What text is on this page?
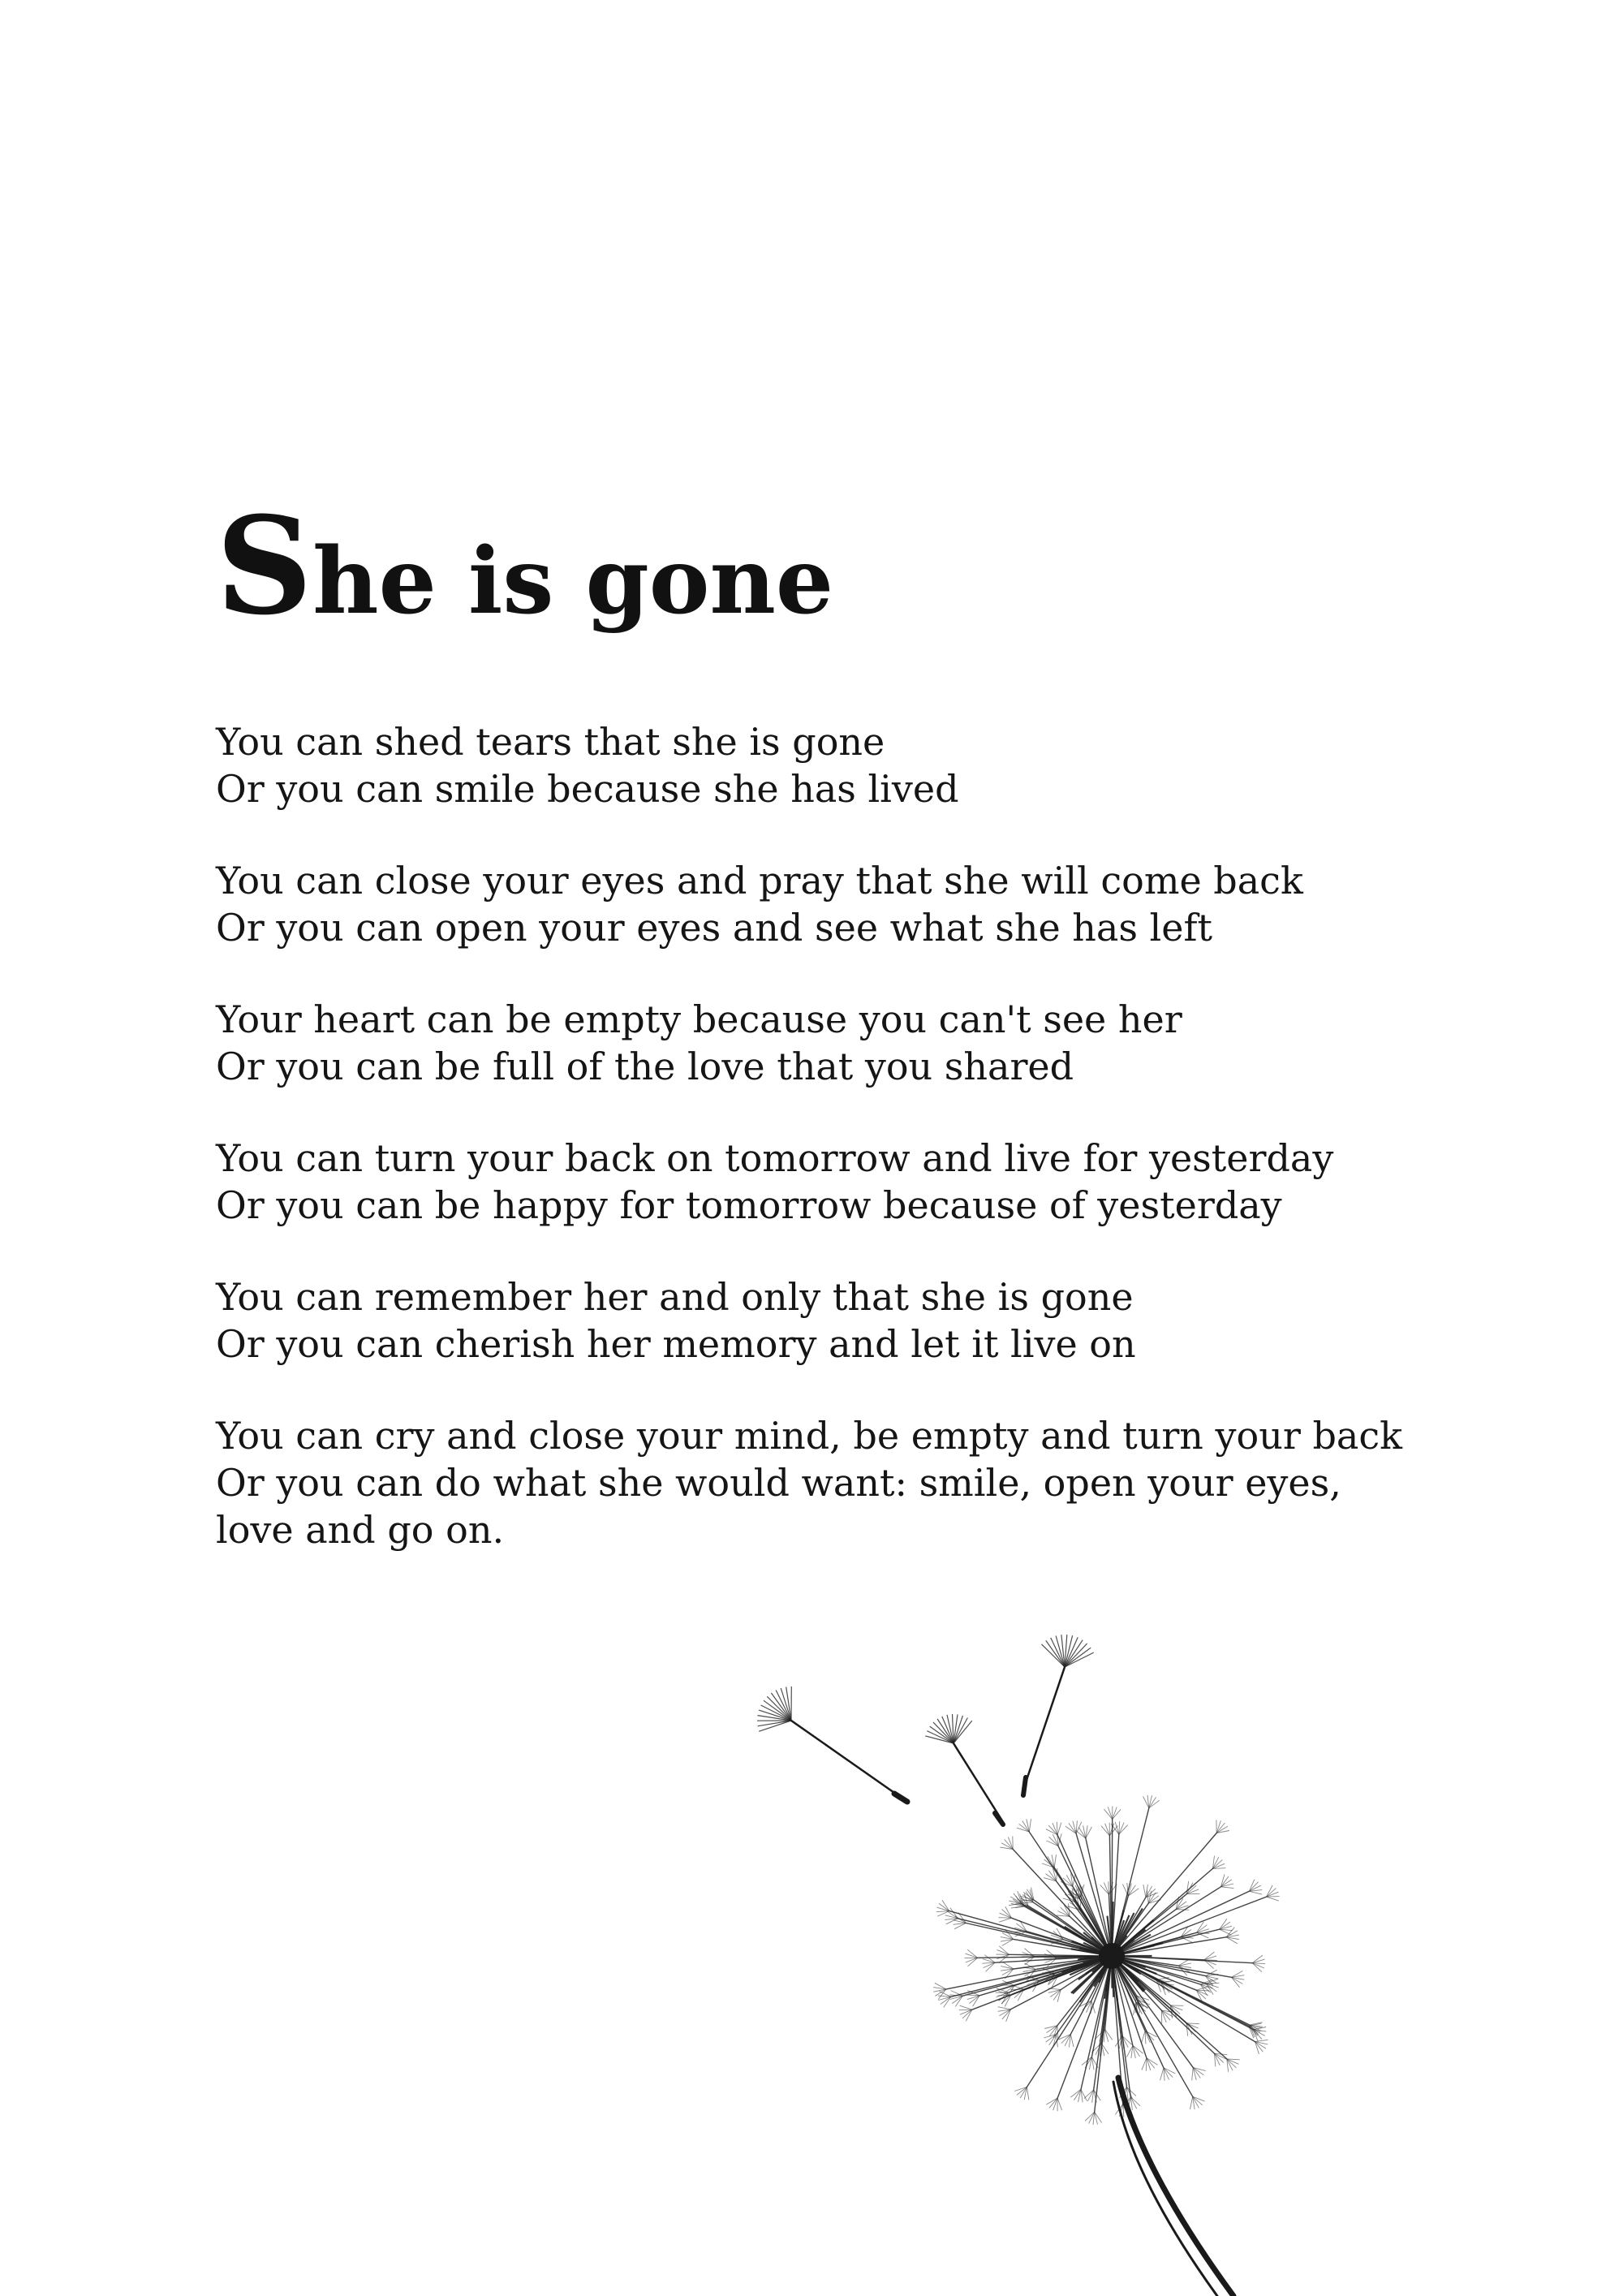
She is gone
You can shed tears that she is gone
Or you can smile because she has lived
You can close your eyes and pray that she will come back
Or you can open your eyes and see what she has left
Your heart can be empty because you can't see her
Or you can be full of the love that you shared
You can turn your back on tomorrow and live for yesterday
Or you can be happy for tomorrow because of yesterday
You can remember her and only that she is gone
Or you can cherish her memory and let it live on
You can cry and close your mind, be empty and turn your back
Or you can do what she would want: smile, open your eyes,
love and go on.
